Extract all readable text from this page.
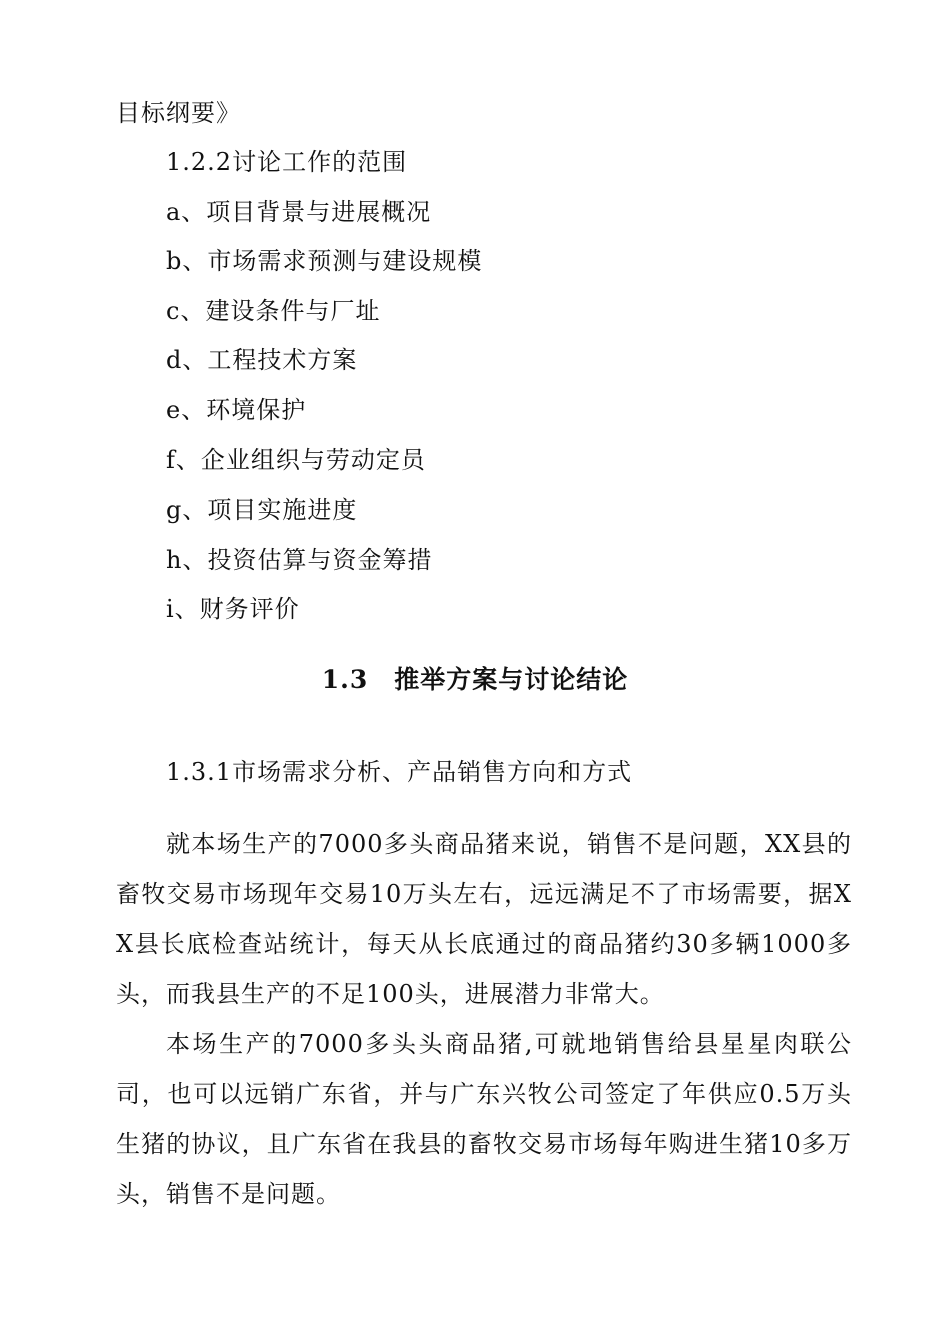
目标纲要》
1.2.2讨论工作的范围
a、项目背景与进展概况
b、市场需求预测与建设规模
c、建设条件与厂址
d、工程技术方案
e、环境保护
f、企业组织与劳动定员
g、项目实施进度
h、投资估算与资金筹措
i、财务评价
1.3 推举方案与讨论结论
1.3.1市场需求分析、产品销售方向和方式
就本场生产的7000多头商品猪来说，销售不是问题，XX县的畜牧交易市场现年交易10万头左右，远远满足不了市场需要，据XX县长底检查站统计，每天从长底通过的商品猪约30多辆1000多头，而我县生产的不足100头，进展潜力非常大。
本场生产的7000多头头商品猪,可就地销售给县星星肉联公司，也可以远销广东省，并与广东兴牧公司签定了年供应0.5万头生猪的协议，且广东省在我县的畜牧交易市场每年购进生猪10多万头，销售不是问题。
